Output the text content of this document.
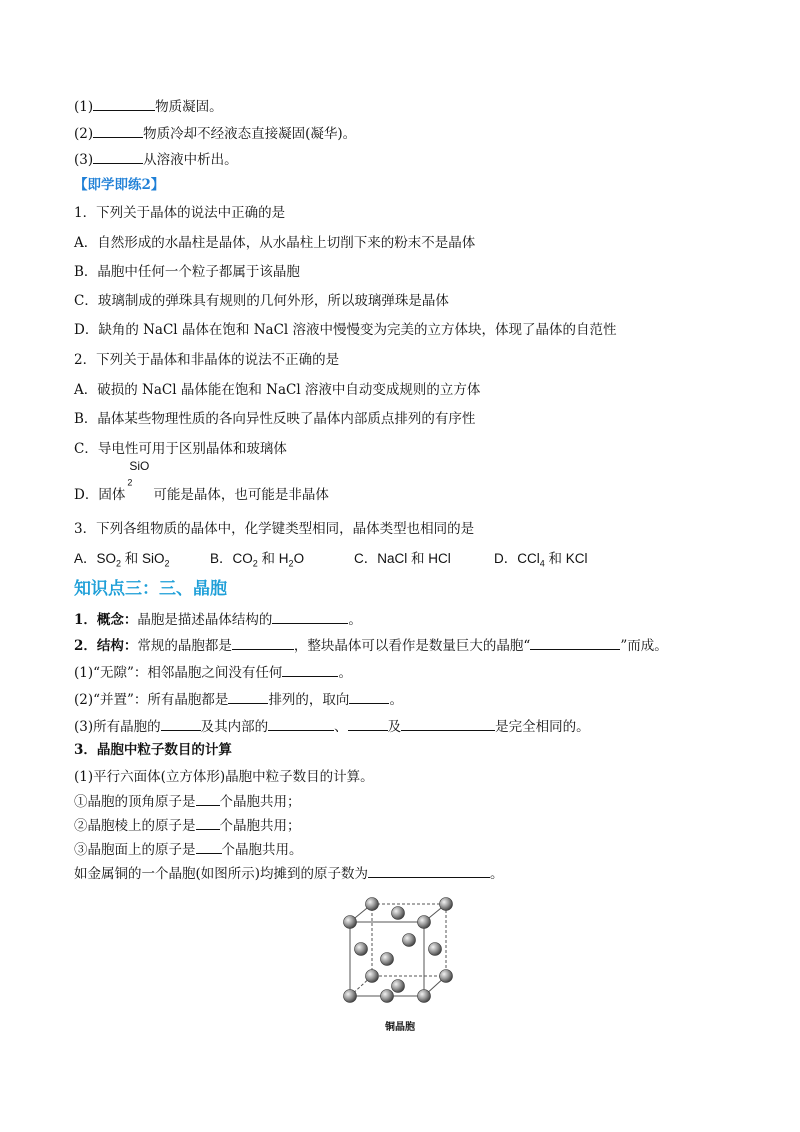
(1)	物质凝固。
(2)	物质冷却不经液态直接凝固(凝华)。
(3)	从溶液中析出。
【即学即练2】
1．下列关于晶体的说法中正确的是
A．自然形成的水晶柱是晶体，从水晶柱上切削下来的粉末不是晶体
B．晶胞中任何一个粒子都属于该晶胞
C．玻璃制成的弹珠具有规则的几何外形，所以玻璃弹珠是晶体
D．缺角的 NaCl 晶体在饱和 NaCl 溶液中慢慢变为完美的立方体块，体现了晶体的自范性
2．下列关于晶体和非晶体的说法不正确的是
A．破损的 NaCl 晶体能在饱和 NaCl 溶液中自动变成规则的立方体
B．晶体某些物理性质的各向异性反映了晶体内部质点排列的有序性
C．导电性可用于区别晶体和玻璃体
D．固体
SiO
$_2$
可能是晶体，也可能是非晶体
3．下列各组物质的晶体中，化学键类型相同，晶体类型也相同的是
A．$SO_2$ 和 SiO$_2$	B．$CO_2$ 和 $H_2O$	C．NaCl 和 HCl	D．CCl$_4$ 和 KCl
知识点三：三、晶胞
1．概念：晶胞是描述晶体结构的	。
2．结构：常规的晶胞都是	，整块晶体可以看作是数量巨大的晶胞“	”而成。
(1)“无隙”：相邻晶胞之间没有任何	。
(2)“并置”：所有晶胞都是	排列的，取向	。
(3)所有晶胞的	及其内部的	、	及	是完全相同的。
3．晶胞中粒子数目的计算
(1)平行六面体(立方体形)晶胞中粒子数目的计算。
①晶胞的顶角原子是 个晶胞共用；
②晶胞棱上的原子是 个晶胞共用；
③晶胞面上的原子是 个晶胞共用。
如金属铜的一个晶胞(如图所示)均摊到的原子数为	。
铜晶胞
